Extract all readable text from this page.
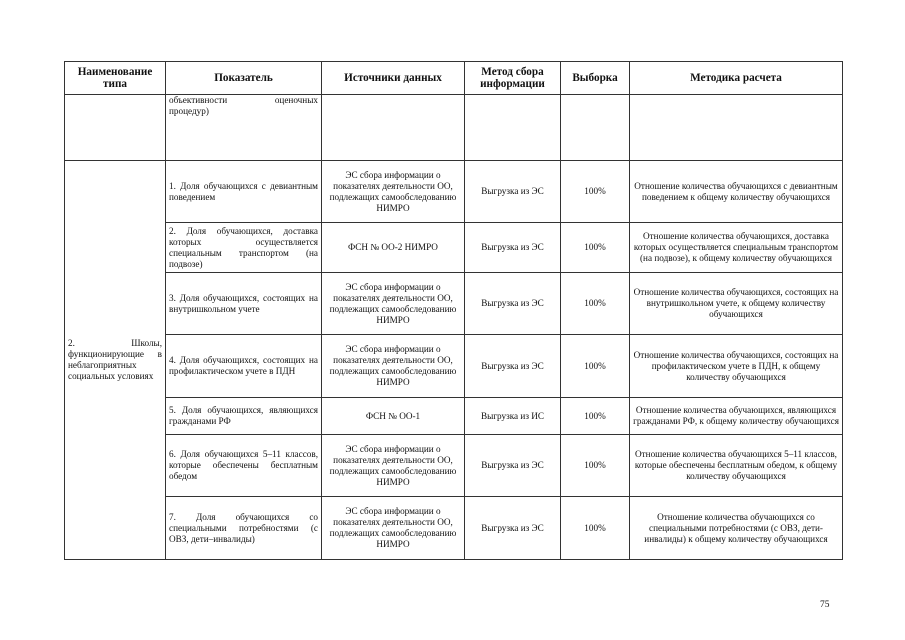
Наименование типа	Показатель	Источники данных	Метод сбора информации	Выборка	Методика расчета

	объективности оценочных
процедур)				

2. Школы, функционирующие в неблагоприятных социальных условиях	1. Доля обучающихся с девиантным поведением	ЭС сбора информации о показателях деятельности ОО, подлежащих самообследованию НИМРО	Выгрузка из ЭС	100%	Отношение количества обучающихся с девиантным поведением к общему количеству обучающихся
	2. Доля обучающихся, доставка которых осуществляется специальным транспортом (на подвозе)	ФСН № ОО-2 НИМРО	Выгрузка из ЭС	100%	Отношение количества обучающихся, доставка которых осуществляется специальным транспортом (на подвозе), к общему количеству обучающихся
	3. Доля обучающихся, состоящих на внутришкольном учете	ЭС сбора информации о показателях деятельности ОО, подлежащих самообследованию НИМРО	Выгрузка из ЭС	100%	Отношение количества обучающихся, состоящих на внутришкольном учете, к общему количеству обучающихся
	4. Доля обучающихся, состоящих на профилактическом учете в ПДН	ЭС сбора информации о показателях деятельности ОО, подлежащих самообследованию НИМРО	Выгрузка из ЭС	100%	Отношение количества обучающихся, состоящих на профилактическом учете в ПДН, к общему количеству обучающихся
	5. Доля обучающихся, являющихся гражданами РФ	ФСН № ОО-1	Выгрузка из ИС	100%	Отношение количества обучающихся, являющихся гражданами РФ, к общему количеству обучающихся
	6. Доля обучающихся 5–11 классов, которые обеспечены бесплатным обедом	ЭС сбора информации о показателях деятельности ОО, подлежащих самообследованию НИМРО	Выгрузка из ЭС	100%	Отношение количества обучающихся 5–11 классов, которые обеспечены бесплатным обедом, к общему количеству обучающихся
	7. Доля обучающихся со специальными потребностями (с ОВЗ, дети–инвалиды)	ЭС сбора информации о показателях деятельности ОО, подлежащих самообследованию НИМРО	Выгрузка из ЭС	100%	Отношение количества обучающихся со специальными потребностями (с ОВЗ, дети-инвалиды) к общему количеству обучающихся
75
